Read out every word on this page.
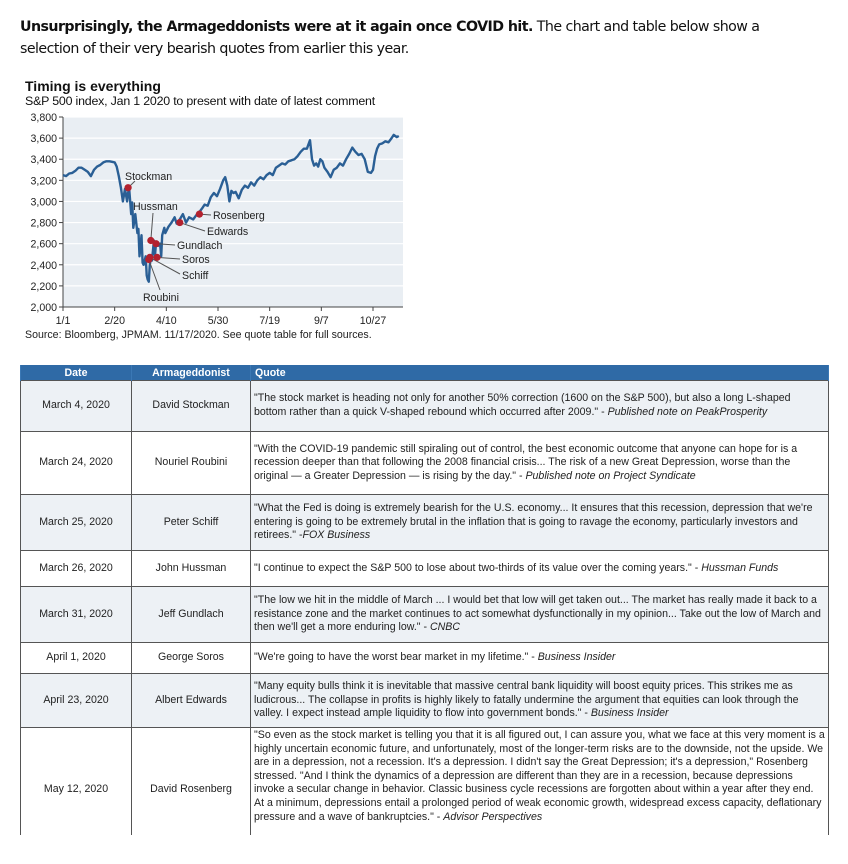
Unsurprisingly, the Armageddonists were at it again once COVID hit. The chart and table below show a selection of their very bearish quotes from earlier this year.
Timing is everything
S&P 500 index, Jan 1 2020 to present with date of latest comment
2,000
2,200
2,400
2,600
2,800
3,000
3,200
3,400
3,600
3,800
1/1	2/20	4/10	5/30	7/19	9/7	10/27
Stockman
Roubini
Schiff
Hussman
Gundlach
Soros
Edwards
Rosenberg
Source: Bloomberg, JPMAM. 11/17/2020. See quote table for full sources.
Date	Armageddonist	Quote
March 4, 2020	David Stockman	"The stock market is heading not only for another 50% correction (1600 on the S&P 500), but also a long L-shaped bottom rather than a quick V-shaped rebound which occurred after 2009." - Published note on PeakProsperity
March 24, 2020	Nouriel Roubini	"With the COVID-19 pandemic still spiraling out of control, the best economic outcome that anyone can hope for is a recession deeper than that following the 2008 financial crisis... The risk of a new Great Depression, worse than the original — a Greater Depression — is rising by the day." - Published note on Project Syndicate
March 25, 2020	Peter Schiff	"What the Fed is doing is extremely bearish for the U.S. economy... It ensures that this recession, depression that we're entering is going to be extremely brutal in the inflation that is going to ravage the economy, particularly investors and retirees." -FOX Business
March 26, 2020	John Hussman	"I continue to expect the S&P 500 to lose about two-thirds of its value over the coming years." - Hussman Funds
March 31, 2020	Jeff Gundlach	"The low we hit in the middle of March ... I would bet that low will get taken out... The market has really made it back to a resistance zone and the market continues to act somewhat dysfunctionally in my opinion... Take out the low of March and then we'll get a more enduring low." - CNBC
April 1, 2020	George Soros	"We're going to have the worst bear market in my lifetime." - Business Insider
April 23, 2020	Albert Edwards	"Many equity bulls think it is inevitable that massive central bank liquidity will boost equity prices. This strikes me as ludicrous... The collapse in profits is highly likely to fatally undermine the argument that equities can look through the valley. I expect instead ample liquidity to flow into government bonds." - Business Insider
May 12, 2020	David Rosenberg	"So even as the stock market is telling you that it is all figured out, I can assure you, what we face at this very moment is a highly uncertain economic future, and unfortunately, most of the longer-term risks are to the downside, not the upside. We are in a depression, not a recession. It's a depression. I didn't say the Great Depression; it's a depression," Rosenberg stressed. "And I think the dynamics of a depression are different than they are in a recession, because depressions invoke a secular change in behavior. Classic business cycle recessions are forgotten about within a year after they end. At a minimum, depressions entail a prolonged period of weak economic growth, widespread excess capacity, deflationary pressure and a wave of bankruptcies." - Advisor Perspectives
